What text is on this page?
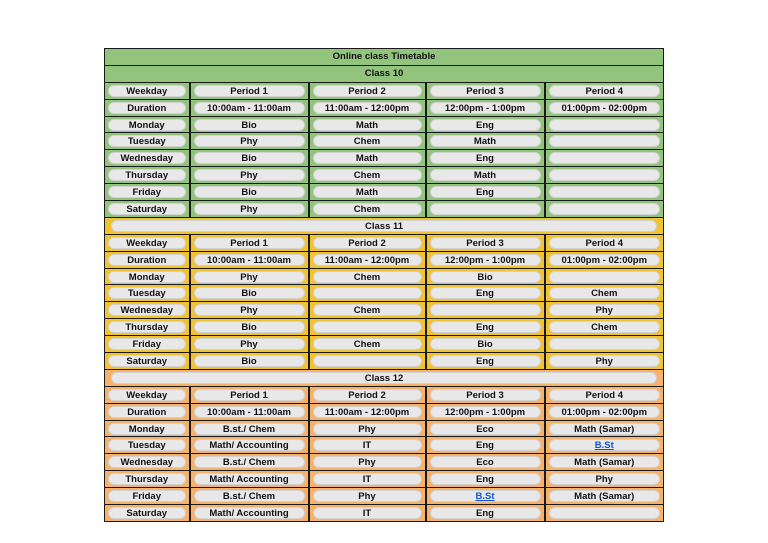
Online class Timetable				

Class 10				

Weekday	Period 1	Period 2	Period 3	Period 4

Duration	10:00am - 11:00am	11:00am - 12:00pm	12:00pm - 1:00pm	01:00pm - 02:00pm

Monday	Bio	Math	Eng	

Tuesday	Phy	Chem	Math	

Wednesday	Bio	Math	Eng	

Thursday	Phy	Chem	Math	

Friday	Bio	Math	Eng	

Saturday	Phy	Chem		

Class 11				

Weekday	Period 1	Period 2	Period 3	Period 4

Duration	10:00am - 11:00am	11:00am - 12:00pm	12:00pm - 1:00pm	01:00pm - 02:00pm

Monday	Phy	Chem	Bio	

Tuesday	Bio		Eng	Chem

Wednesday	Phy	Chem		Phy

Thursday	Bio		Eng	Chem

Friday	Phy	Chem	Bio	

Saturday	Bio		Eng	Phy

Class 12				

Weekday	Period 1	Period 2	Period 3	Period 4

Duration	10:00am - 11:00am	11:00am - 12:00pm	12:00pm - 1:00pm	01:00pm - 02:00pm

Monday	B.st./ Chem	Phy	Eco	Math (Samar)

Tuesday	Math/ Accounting	IT	Eng	B.St

Wednesday	B.st./ Chem	Phy	Eco	Math (Samar)

Thursday	Math/ Accounting	IT	Eng	Phy

Friday	B.st./ Chem	Phy	B.St	Math (Samar)

Saturday	Math/ Accounting	IT	Eng	
